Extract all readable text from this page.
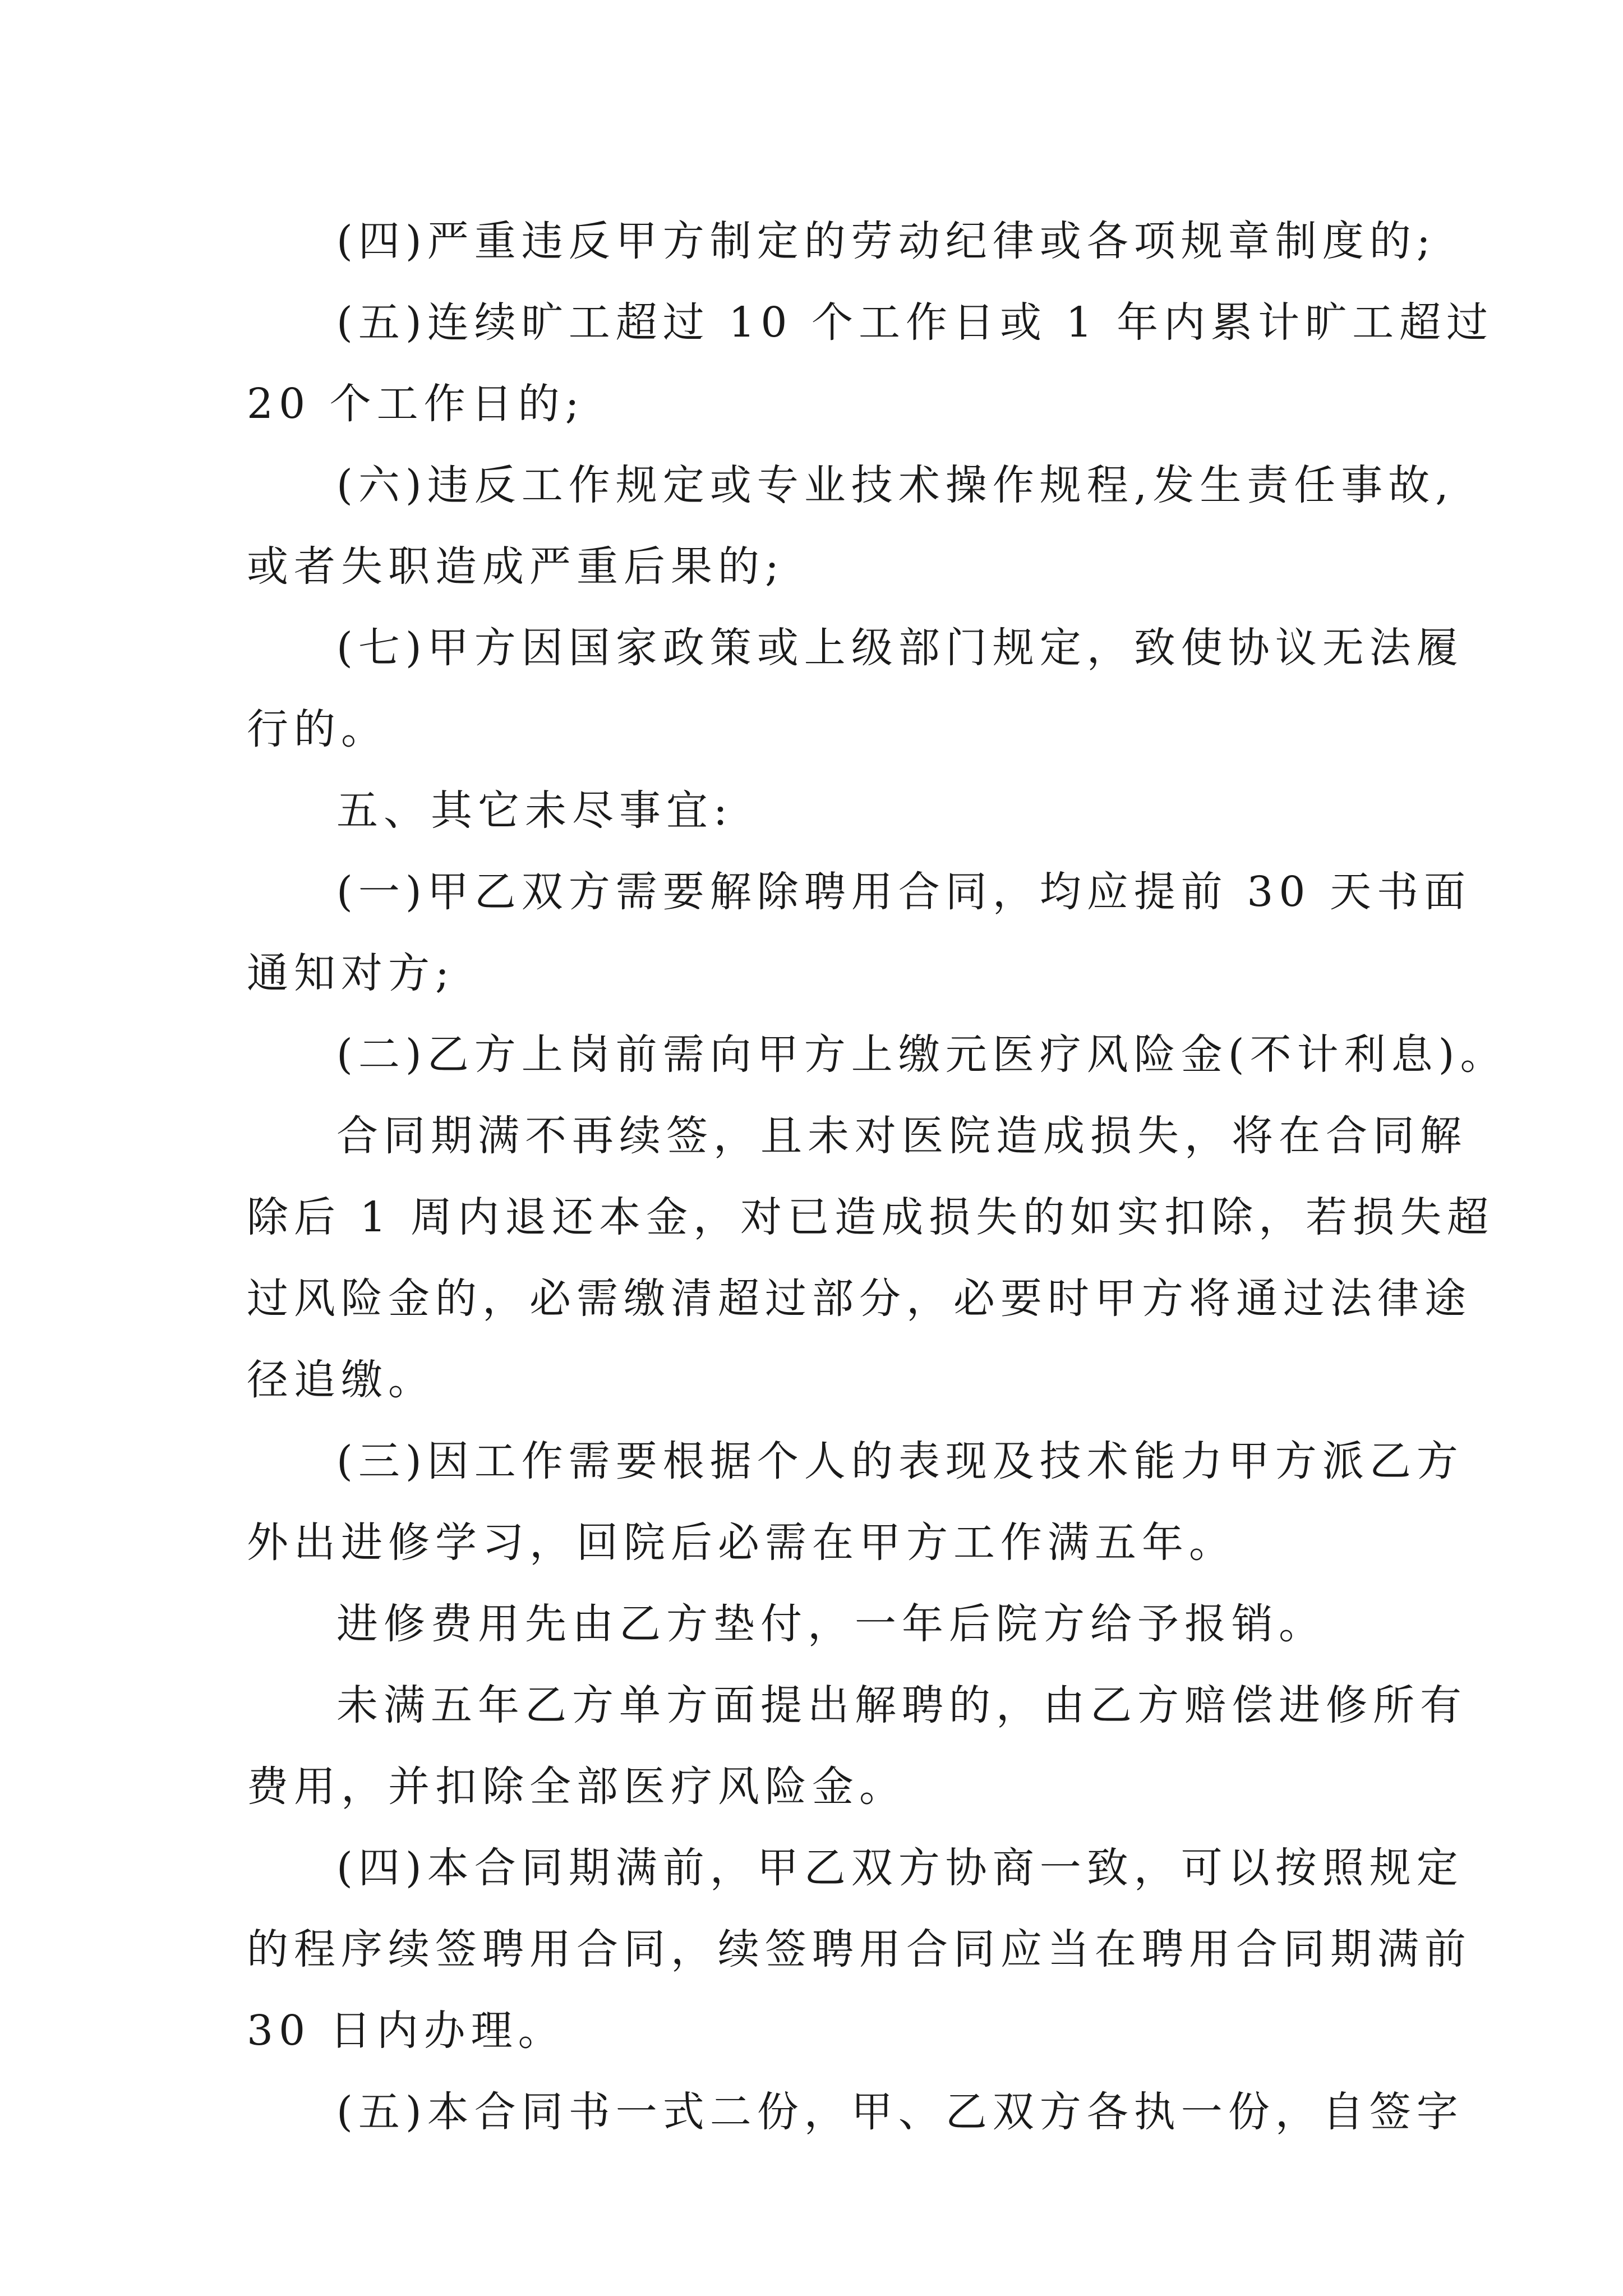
(四)严重违反甲方制定的劳动纪律或各项规章制度的;
(五)连续旷工超过 10 个工作日或 1 年内累计旷工超过
20 个工作日的;
(六)违反工作规定或专业技术操作规程,发生责任事故,
或者失职造成严重后果的;
(七)甲方因国家政策或上级部门规定，致使协议无法履
行的。
五、其它未尽事宜:
(一)甲乙双方需要解除聘用合同，均应提前 30 天书面
通知对方;
(二)乙方上岗前需向甲方上缴元医疗风险金(不计利息)。
合同期满不再续签，且未对医院造成损失，将在合同解
除后 1 周内退还本金，对已造成损失的如实扣除，若损失超
过风险金的，必需缴清超过部分，必要时甲方将通过法律途
径追缴。
(三)因工作需要根据个人的表现及技术能力甲方派乙方
外出进修学习，回院后必需在甲方工作满五年。
进修费用先由乙方垫付，一年后院方给予报销。
未满五年乙方单方面提出解聘的，由乙方赔偿进修所有
费用，并扣除全部医疗风险金。
(四)本合同期满前，甲乙双方协商一致，可以按照规定
的程序续签聘用合同，续签聘用合同应当在聘用合同期满前
30 日内办理。
(五)本合同书一式二份，甲、乙双方各执一份，自签字
